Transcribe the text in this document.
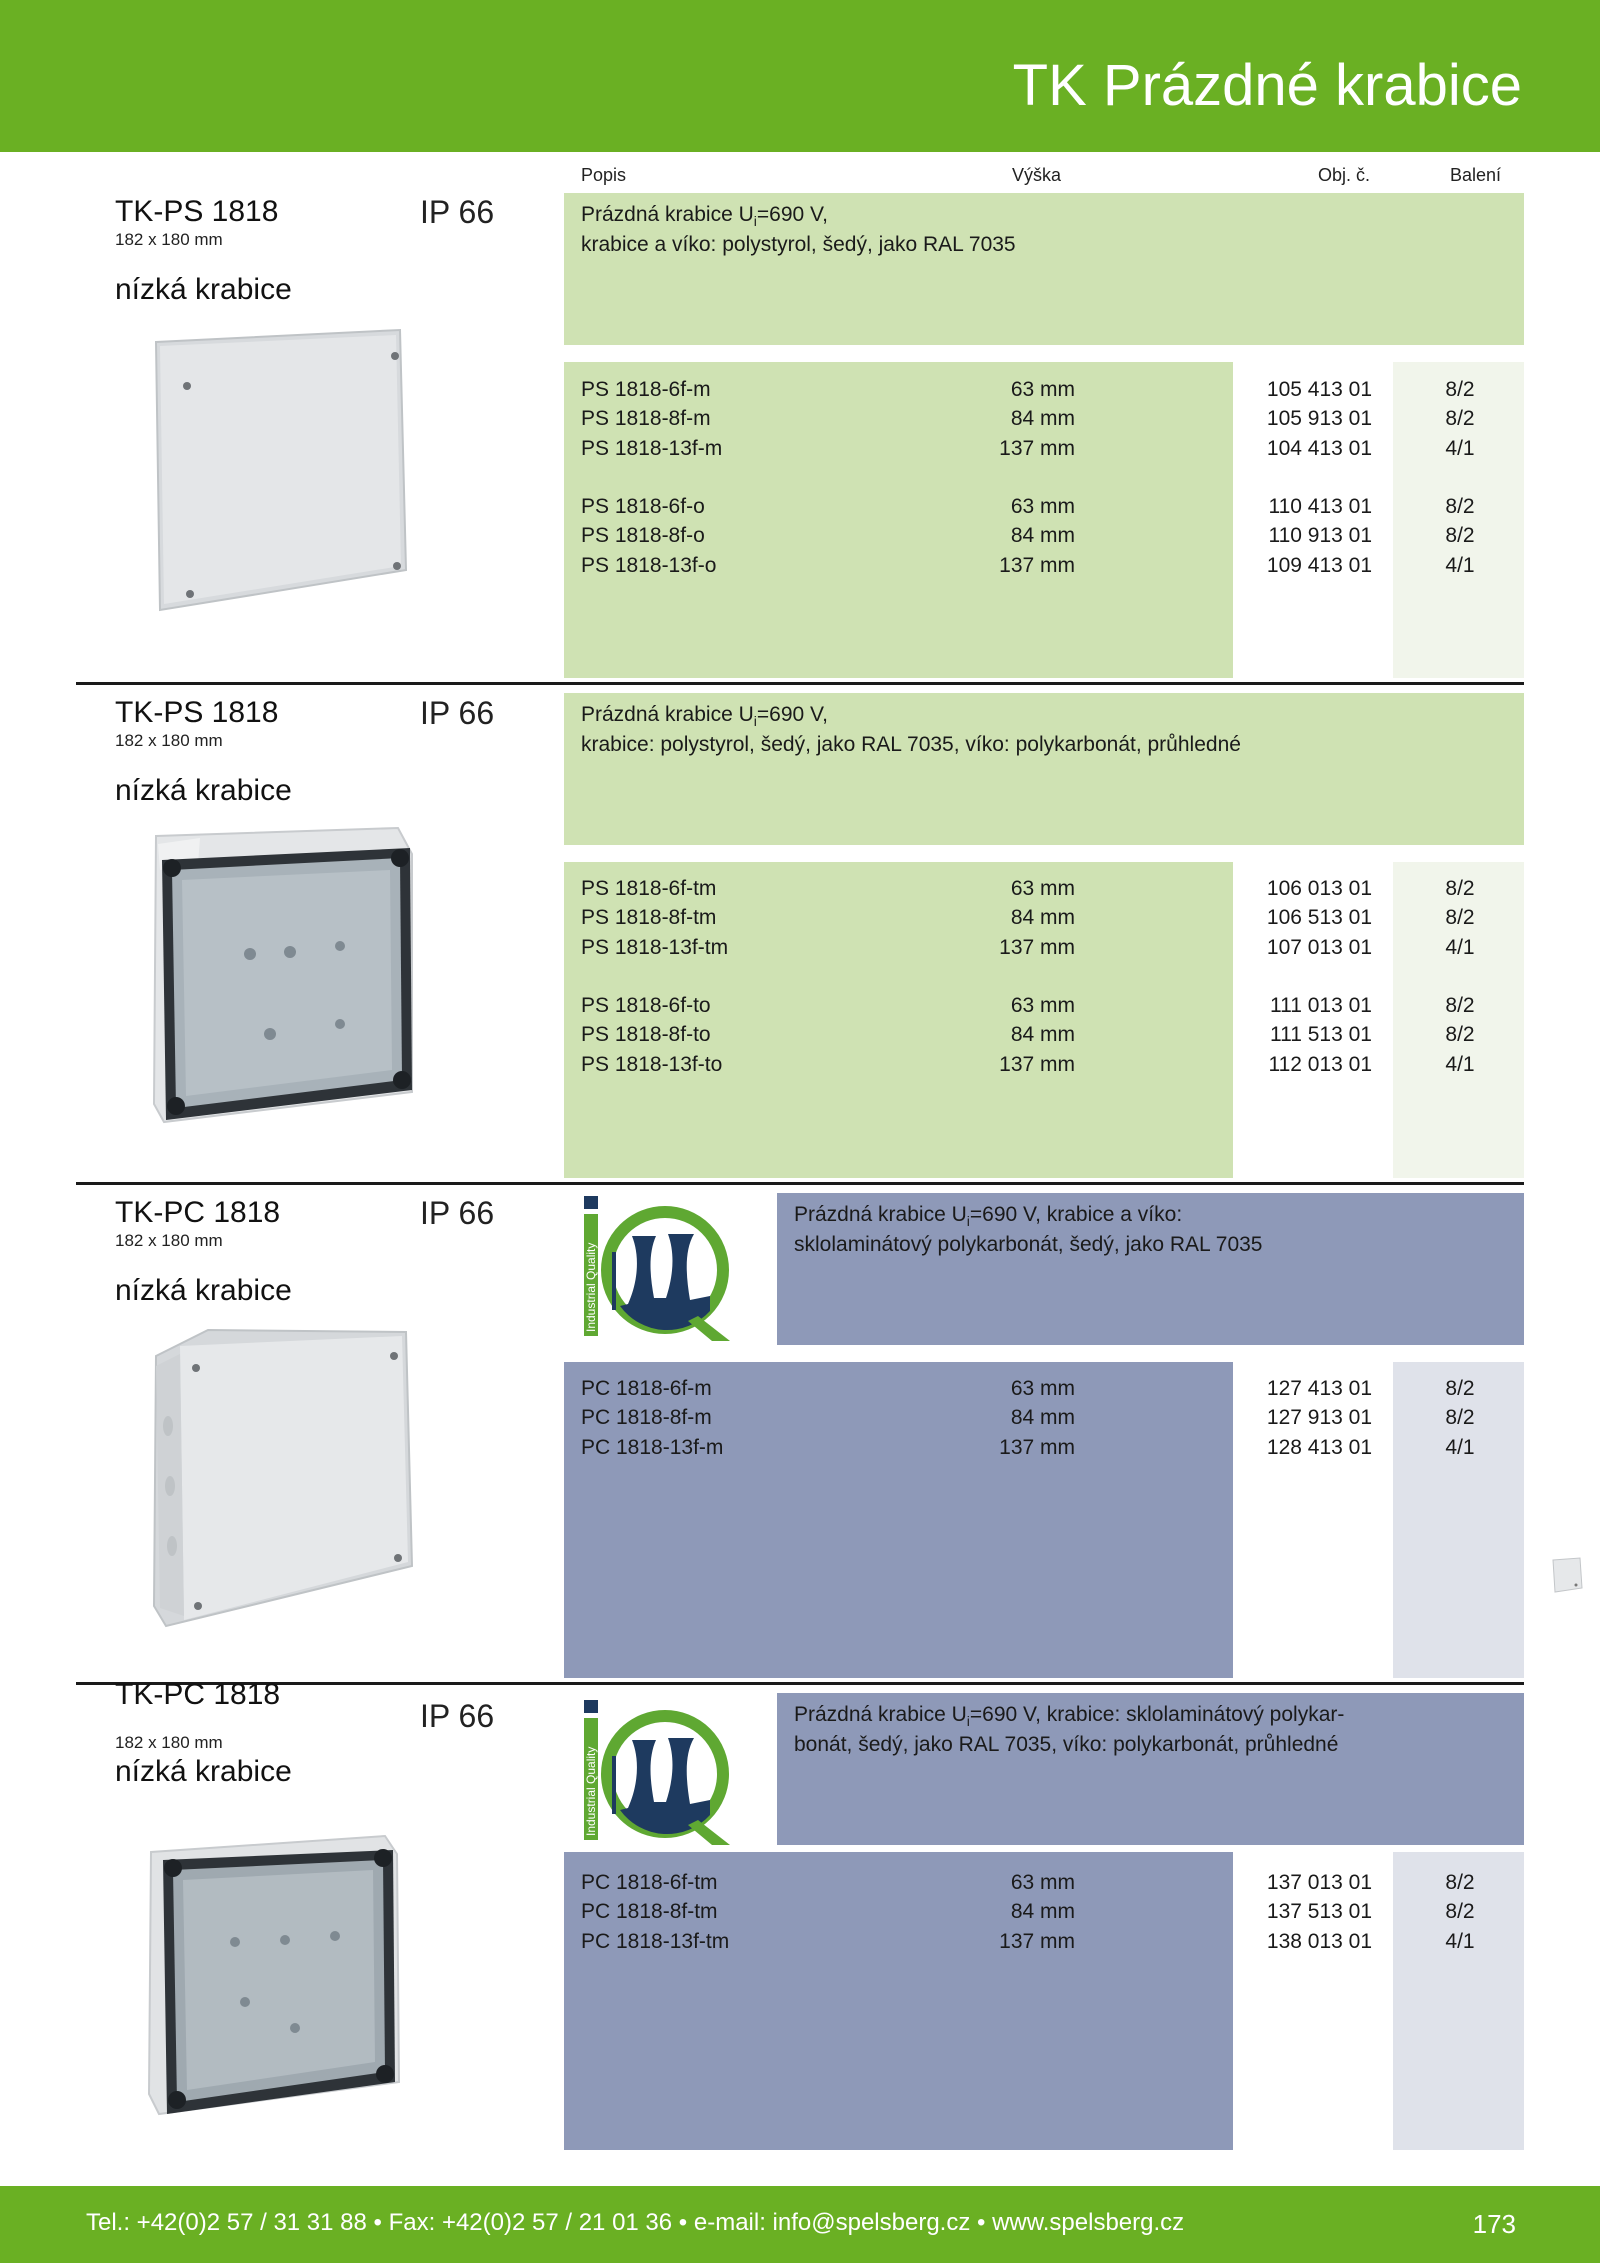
TK Prázdné krabice
Popis	Výška	Obj. č.	Balení
TK-PS 1818
182 x 180 mm
nízká krabice
IP 66	Prázdná krabice $U_i=690$ V,
krabice a víko: polystyrol, šedý, jako RAL 7035
TK-PS 1818
182 x 180 mm
nízká krabice
IP 66	Prázdná krabice $U_i=690$ V,
krabice: polystyrol, šedý, jako RAL 7035, víko: polykarbonát, průhledné
TK-PC 1818
182 x 180 mm
nízká krabice
IP 66
Industrial Quality
Prázdná krabice $U_i=690$ V, krabice a víko:
sklolaminátový polykarbonát, šedý, jako RAL 7035
TK-PC 1818
182 x 180 mm
nízká krabice
IP 66
Industrial Quality
Prázdná krabice $U_i=690$ V, krabice: sklolaminátový polykar-
bonát, šedý, jako RAL 7035, víko: polykarbonát, průhledné
PS 1818-6f-m	63 mm	105 413 01	8/2
PS 1818-8f-m	84 mm	105 913 01	8/2
PS 1818-13f-m	137 mm	104 413 01	4/1
PS 1818-6f-o	63 mm	110 413 01	8/2
PS 1818-8f-o	84 mm	110 913 01	8/2
PS 1818-13f-o	137 mm	109 413 01	4/1
PS 1818-6f-tm	63 mm	106 013 01	8/2
PS 1818-8f-tm	84 mm	106 513 01	8/2
PS 1818-13f-tm	137 mm	107 013 01	4/1
PS 1818-6f-to	63 mm	111 013 01	8/2
PS 1818-8f-to	84 mm	111 513 01	8/2
PS 1818-13f-to	137 mm	112 013 01	4/1
PC 1818-6f-m	63 mm	127 413 01	8/2
PC 1818-8f-m	84 mm	127 913 01	8/2
PC 1818-13f-m	137 mm	128 413 01	4/1
PC 1818-6f-tm	63 mm	137 013 01	8/2
PC 1818-8f-tm	84 mm	137 513 01	8/2
PC 1818-13f-tm	137 mm	138 013 01	4/1
Tel.: +42(0)2 57 / 31 31 88 • Fax: +42(0)2 57 / 21 01 36 • e-mail: info@spelsberg.cz • www.spelsberg.cz	173
